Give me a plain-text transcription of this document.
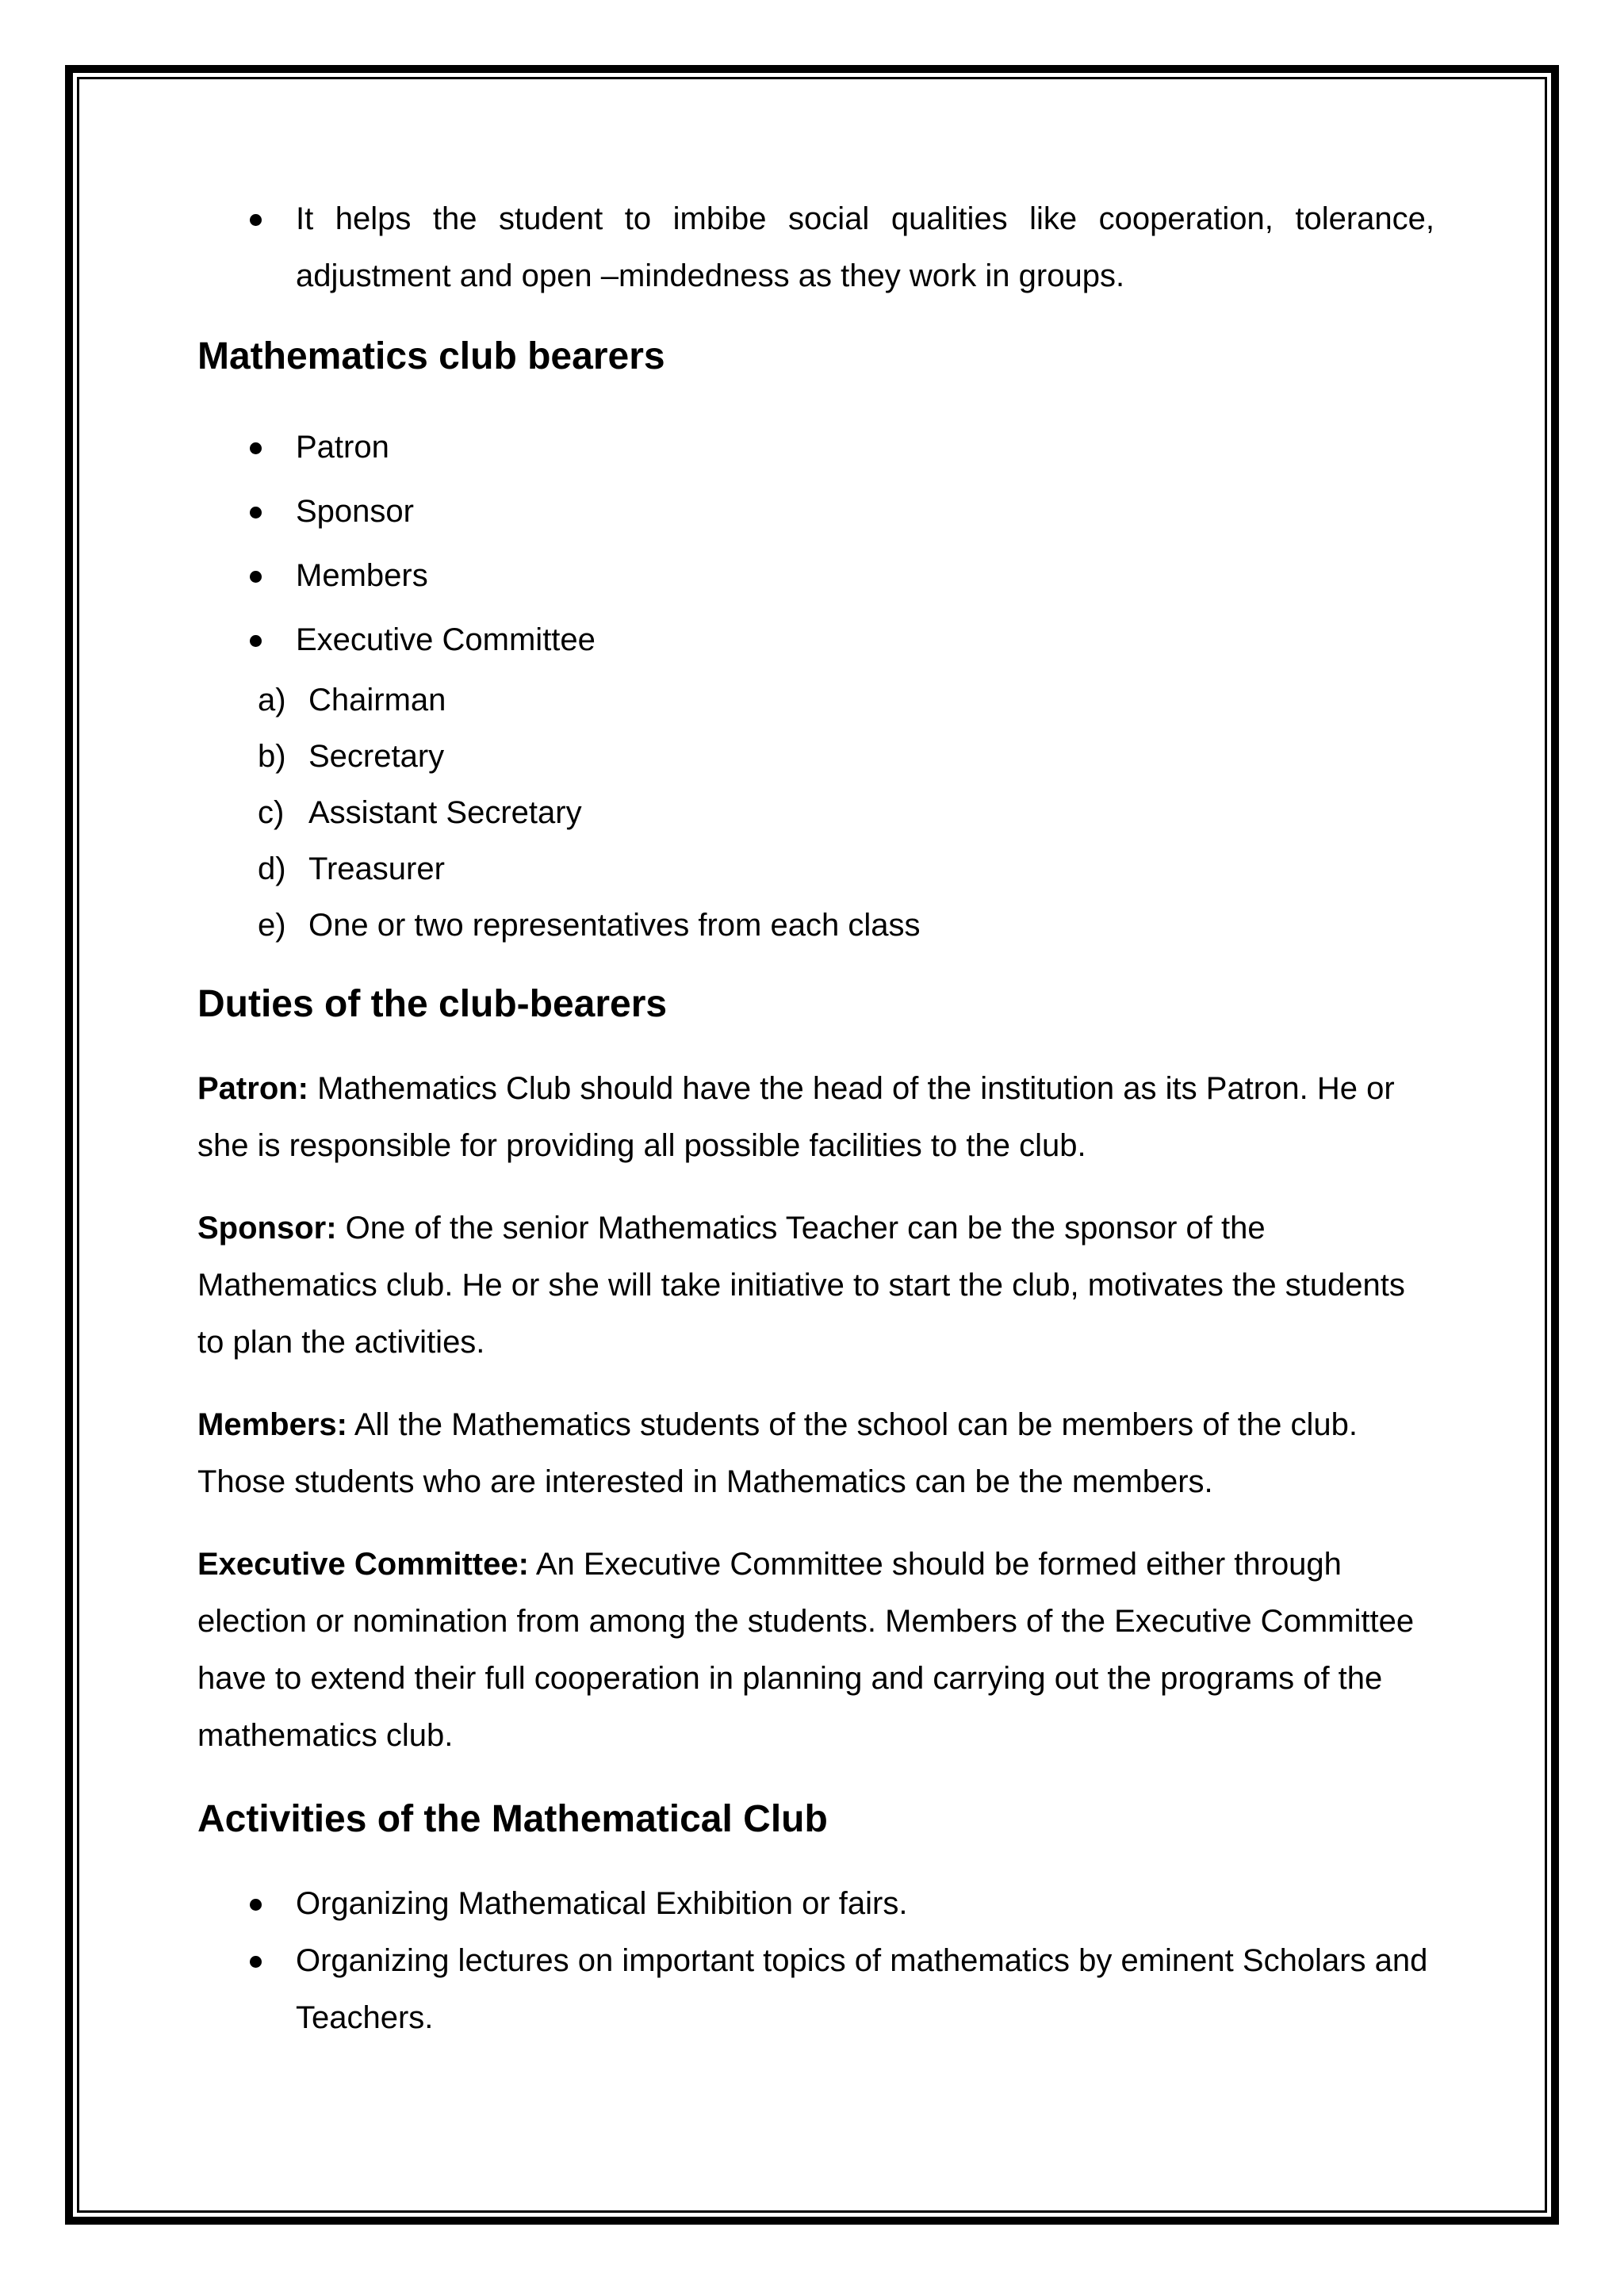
It helps the student to imbibe social qualities like cooperation, tolerance, adjustment and open –mindedness as they work in groups.
Mathematics club bearers
Patron
Sponsor
Members
Executive Committee
a) Chairman
b) Secretary
c) Assistant Secretary
d) Treasurer
e) One or two representatives from each class
Duties of the club-bearers

Patron: Mathematics Club should have the head of the institution as its Patron. He or she is responsible for providing all possible facilities to the club.

Sponsor: One of the senior Mathematics Teacher can be the sponsor of the Mathematics club. He or she will take initiative to start the club, motivates the students to plan the activities.

Members: All the Mathematics students of the school can be members of the club. Those students who are interested in Mathematics can be the members.

Executive Committee: An Executive Committee should be formed either through election or nomination from among the students. Members of the Executive Committee have to extend their full cooperation in planning and carrying out the programs of the mathematics club.

Activities of the Mathematical Club
Organizing Mathematical Exhibition or fairs.
Organizing lectures on important topics of mathematics by eminent Scholars and Teachers.
